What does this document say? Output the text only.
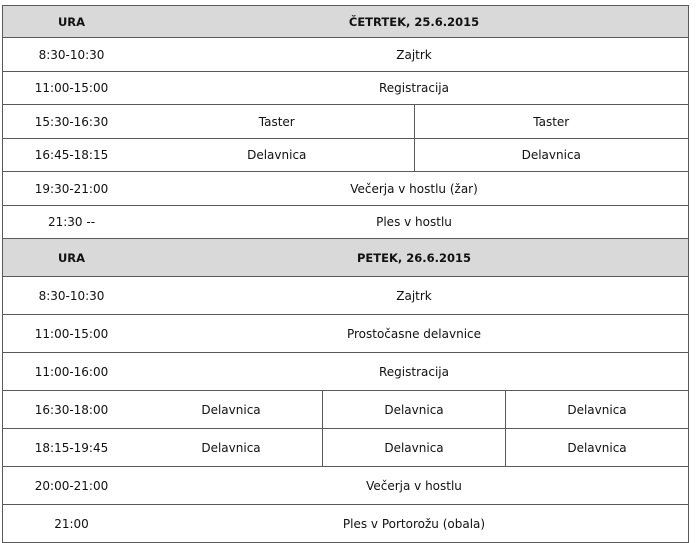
URA	ČETRTEK, 25.6.2015
8:30-10:30	Zajtrk
11:00-15:00	Registracija
15:30-16:30	Taster	Taster
16:45-18:15	Delavnica	Delavnica
19:30-21:00	Večerja v hostlu (žar)
21:30 --	Ples v hostlu
URA	PETEK, 26.6.2015
8:30-10:30	Zajtrk
11:00-15:00	Prostočasne delavnice
11:00-16:00	Registracija
16:30-18:00	Delavnica	Delavnica	Delavnica
18:15-19:45	Delavnica	Delavnica	Delavnica
20:00-21:00	Večerja v hostlu
21:00	Ples v Portorožu (obala)
